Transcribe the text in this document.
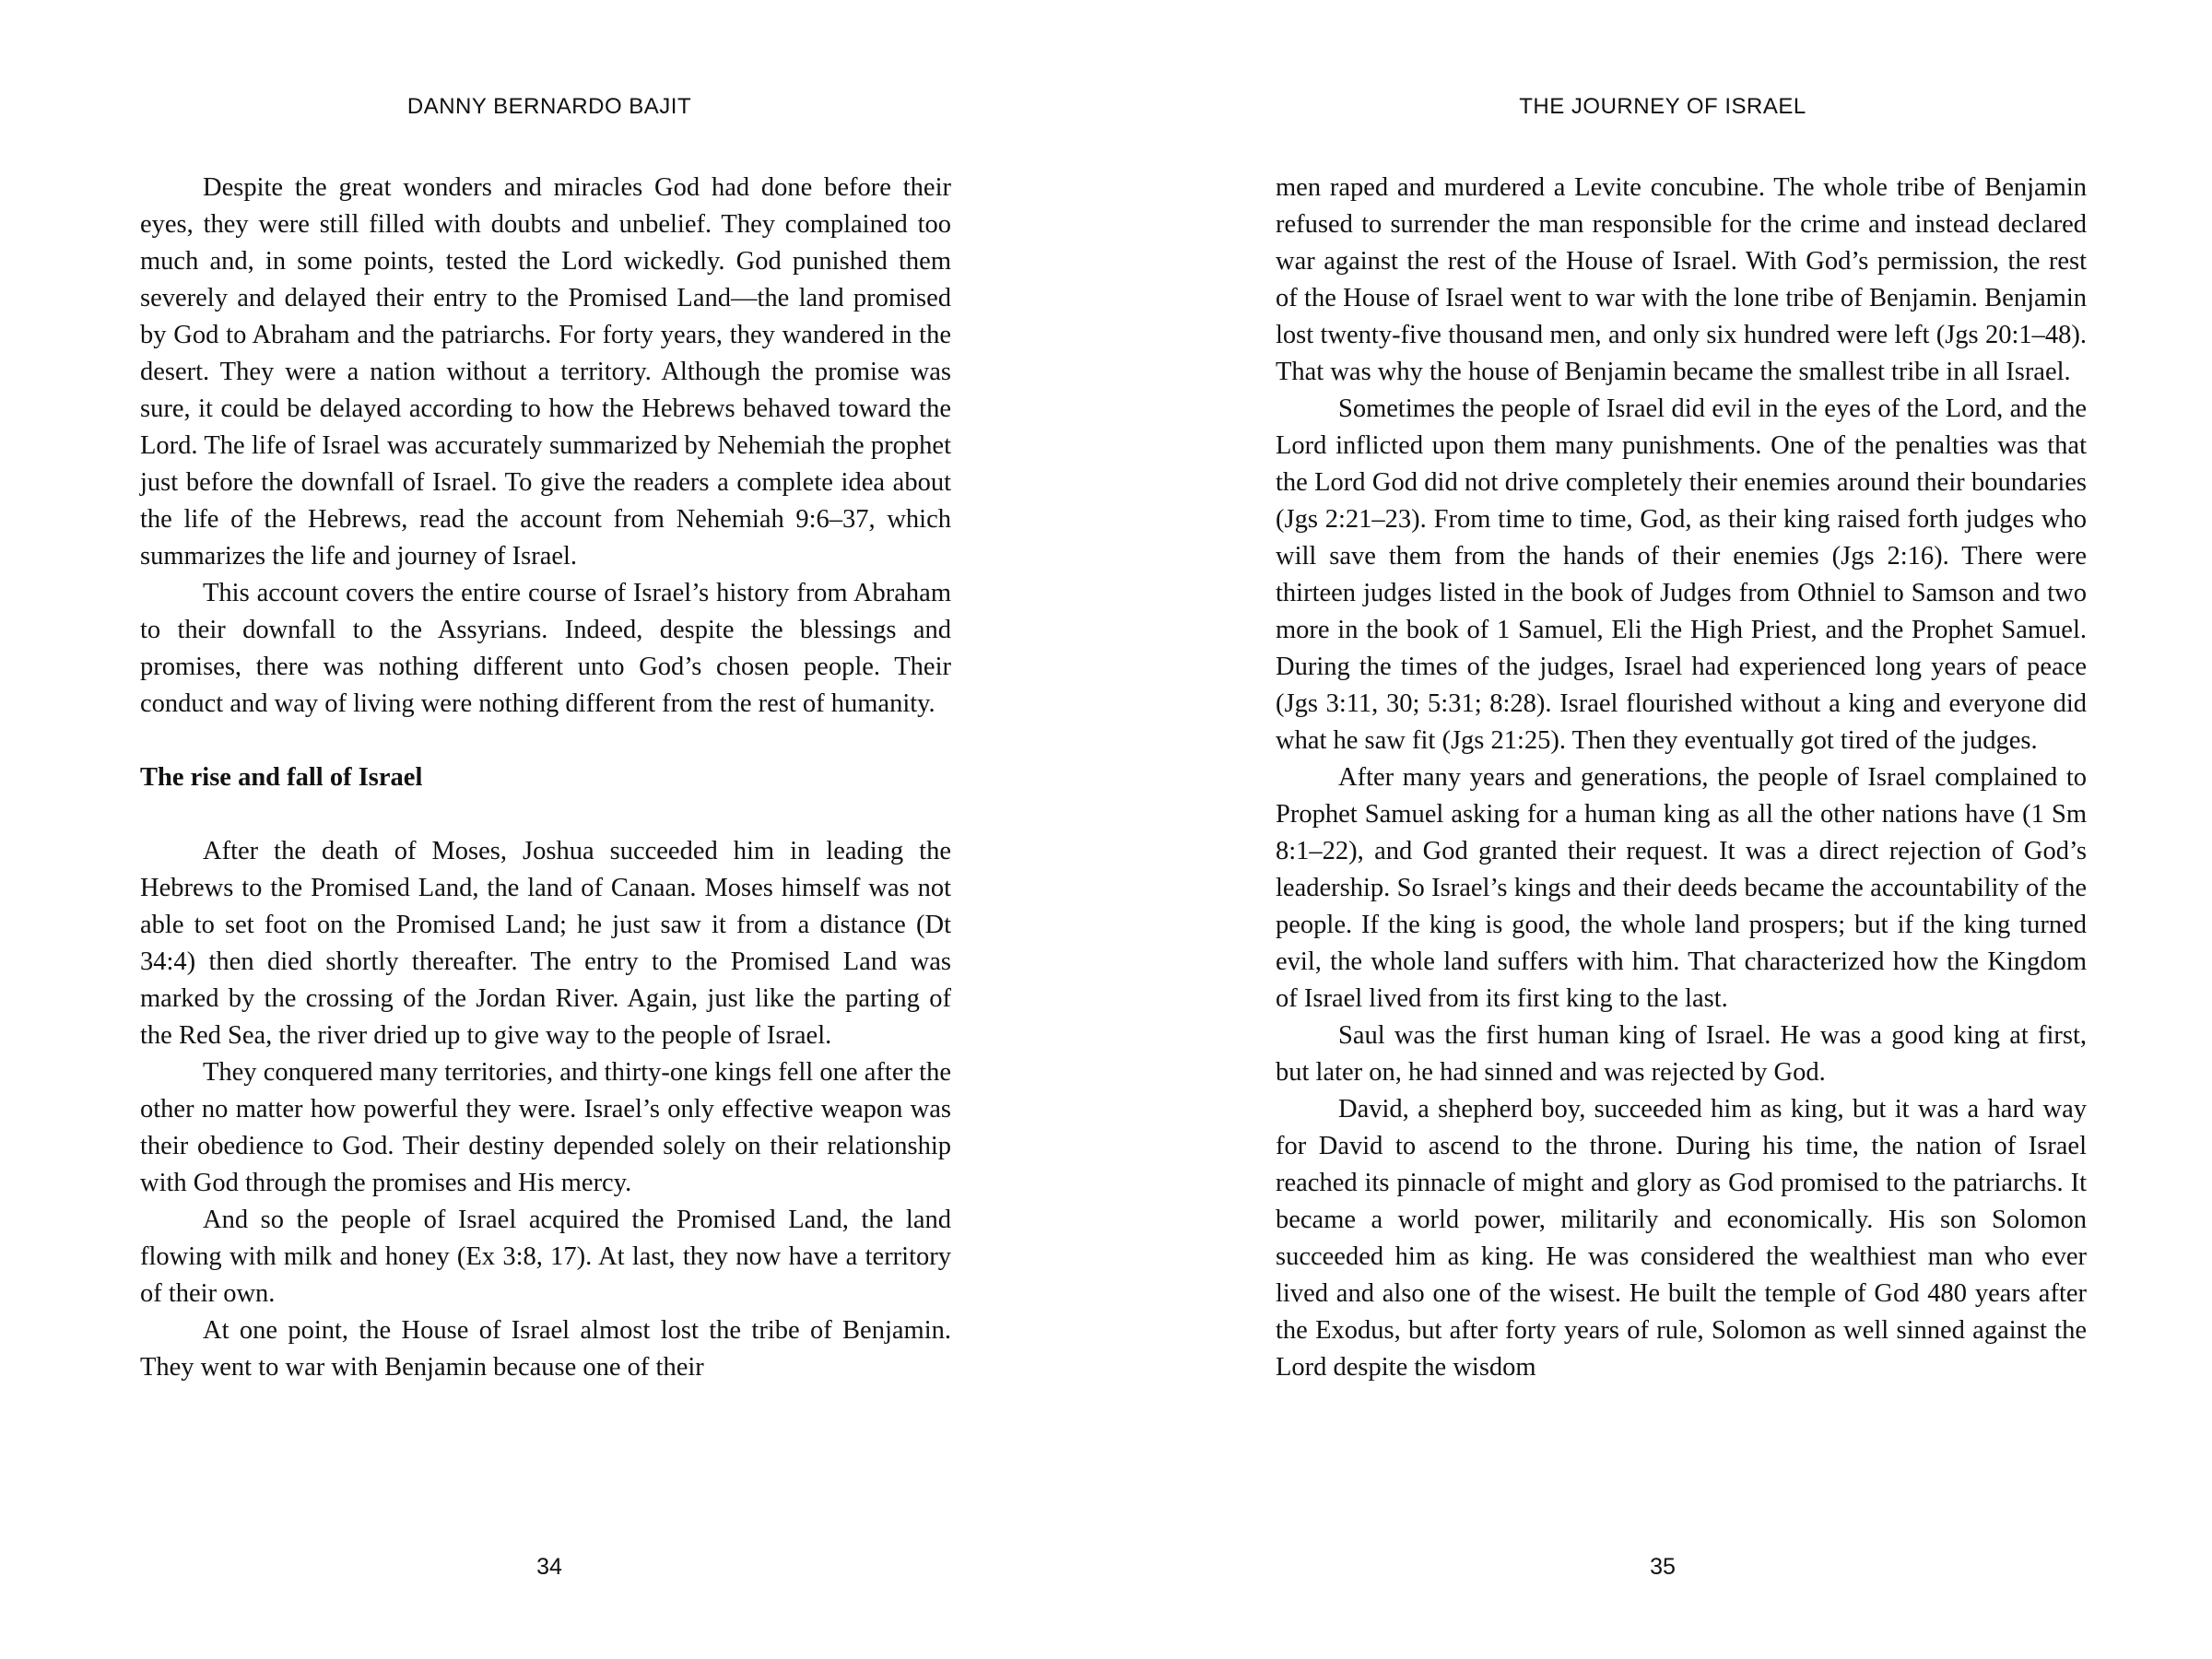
DANNY BERNARDO BAJIT

Despite the great wonders and miracles God had done before their eyes, they were still filled with doubts and unbelief. They complained too much and, in some points, tested the Lord wickedly. God punished them severely and delayed their entry to the Promised Land—the land promised by God to Abraham and the patriarchs. For forty years, they wandered in the desert. They were a nation without a territory. Although the promise was sure, it could be delayed according to how the Hebrews behaved toward the Lord. The life of Israel was accurately summarized by Nehemiah the prophet just before the downfall of Israel. To give the readers a complete idea about the life of the Hebrews, read the account from Nehemiah 9:6–37, which summarizes the life and journey of Israel.

This account covers the entire course of Israel’s history from Abraham to their downfall to the Assyrians. Indeed, despite the blessings and promises, there was nothing different unto God’s chosen people. Their conduct and way of living were nothing different from the rest of humanity.

The rise and fall of Israel

After the death of Moses, Joshua succeeded him in leading the Hebrews to the Promised Land, the land of Canaan. Moses himself was not able to set foot on the Promised Land; he just saw it from a distance (Dt 34:4) then died shortly thereafter. The entry to the Promised Land was marked by the crossing of the Jordan River. Again, just like the parting of the Red Sea, the river dried up to give way to the people of Israel.

They conquered many territories, and thirty-one kings fell one after the other no matter how powerful they were. Israel’s only effective weapon was their obedience to God. Their destiny depended solely on their relationship with God through the promises and His mercy.

And so the people of Israel acquired the Promised Land, the land flowing with milk and honey (Ex 3:8, 17). At last, they now have a territory of their own.

At one point, the House of Israel almost lost the tribe of Benjamin. They went to war with Benjamin because one of their

34
THE JOURNEY OF ISRAEL

men raped and murdered a Levite concubine. The whole tribe of Benjamin refused to surrender the man responsible for the crime and instead declared war against the rest of the House of Israel. With God’s permission, the rest of the House of Israel went to war with the lone tribe of Benjamin. Benjamin lost twenty-five thousand men, and only six hundred were left (Jgs 20:1–48). That was why the house of Benjamin became the smallest tribe in all Israel.

Sometimes the people of Israel did evil in the eyes of the Lord, and the Lord inflicted upon them many punishments. One of the penalties was that the Lord God did not drive completely their enemies around their boundaries (Jgs 2:21–23). From time to time, God, as their king raised forth judges who will save them from the hands of their enemies (Jgs 2:16). There were thirteen judges listed in the book of Judges from Othniel to Samson and two more in the book of 1 Samuel, Eli the High Priest, and the Prophet Samuel. During the times of the judges, Israel had experienced long years of peace (Jgs 3:11, 30; 5:31; 8:28). Israel flourished without a king and everyone did what he saw fit (Jgs 21:25). Then they eventually got tired of the judges.

After many years and generations, the people of Israel complained to Prophet Samuel asking for a human king as all the other nations have (1 Sm 8:1–22), and God granted their request. It was a direct rejection of God’s leadership. So Israel’s kings and their deeds became the accountability of the people. If the king is good, the whole land prospers; but if the king turned evil, the whole land suffers with him. That characterized how the Kingdom of Israel lived from its first king to the last.

Saul was the first human king of Israel. He was a good king at first, but later on, he had sinned and was rejected by God.

David, a shepherd boy, succeeded him as king, but it was a hard way for David to ascend to the throne. During his time, the nation of Israel reached its pinnacle of might and glory as God promised to the patriarchs. It became a world power, militarily and economically. His son Solomon succeeded him as king. He was considered the wealthiest man who ever lived and also one of the wisest. He built the temple of God 480 years after the Exodus, but after forty years of rule, Solomon as well sinned against the Lord despite the wisdom

35
